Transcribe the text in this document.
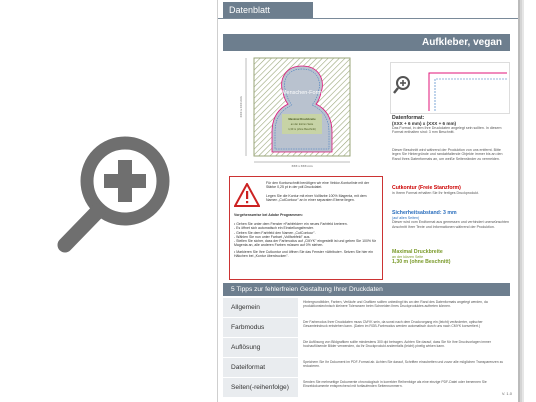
Datenblatt
Aufkleber, vegan
Menschen-Form
Maximal Druckbreite
an der kürzen Seite
1,30 m (ohne Beschnitt)
XXX x XXX mm
XXX x XXX mm
Datenformat:
(XXX + 6 mm) x (XXX + 6 mm)
Das Format, in dem Ihre Druckdaten angelegt sein sollten. In diesem Format enthalten sind: 3 mm Beschnitt.
Dieser Beschnitt wird während der Produktion von uns entfernt. Bitte legen Sie Hintergründe und randabfallende Objekte immer bis an den Rand Ihres Datenformats an, um weiße Seitenränder zu vermeiden.
Cutkontur (Freie Stanzform)
in Ihrem Format erhalten Sie Ihr fertiges Druckprodukt.
Sicherheitsabstand: 3 mm
(auf allen Seiten)
Dieser wird vom Endformat aus gemessen und verhindert unerwünschten Anschnitt Ihrer Texte und Informationen während der Produktion.
Maximal Druckbreite
an der kürzen Seite
1,30 m (ohne Beschnitt)
Für den Konturschnitt benötigen wir eine Vektor-Konturlinie mit der Stärke 0,25 pt in der pdf-Druckdatei.
Legen Sie die Kontur mit einer Vollfarbe 100% Magenta, mit dem Namen „CutContour" an in einer separaten Ebene liegen.
Vorgehensweise bei Adobe Programmen:
• Gehen Sie unter dem Fenster »Farbfelder« ein neues Farbfeld kreieren.
- Es öffnet sich automatisch ein Einstellungsfenster.
- Geben Sie dem Farbfeld den Namen „CutContour".
- Wählen Sie nun unter Farbart „Vollfarbfeld" aus.
- Stellen Sie sicher, dass der Farbmodus auf „CMYK" eingestellt ist und geben Sie 100% für Magenta an, alle anderen Farben müssen auf 0% stehen.
• Markieren Sie Ihre Cutkontur und öffnen Sie das Fenster »Attribute«. Setzen Sie hier ein Häkchen bei „Kontur überdrucken".
5 Tipps zur fehlerfreien Gestaltung Ihrer Druckdaten
Allgemein
Hintergrundbilder, Farben, Verläufe und Grafiken sollten unbedingt bis an den Rand des Datenformats angelegt werden, da produktionstechnisch kleinere Toleranzen beim Schneiden Ihres Druckproduktes auftreten können.
Farbmodus
Der Farbmodus Ihrer Druckdaten muss CMYK sein, da sonst nach dem Druckvorgang ein (leicht) veränderter, optischer Gesamteindruck entstehen kann. (Daten im RGB-Farbmodus werden automatisch durch uns nach CMYK konvertiert.)
Auflösung
Die Auflösung von Bildgrafiken sollte mindestens 300 dpi betragen. Achten Sie darauf, dass Sie für Ihre Druckvorlagen immer hochauflösende Bilder verwenden, da Ihr Druckprodukt andernfalls (leicht) pixelig wirken kann.
Dateiformat
Speichern Sie Ihr Dokument im PDF-Format ab. Achten Sie darauf, Schriften einzubetten und zuvor alle möglichen Transparenzen zu reduzieren.
Seiten(-reihenfolge)
Senden Sie mehrseitige Dokumente chronologisch in korrekter Reihenfolge als eine einzige PDF-Datei oder benennen Sie Einzeldokumente entsprechend mit fortlaufenden Seitennummern.
V. 1.0
